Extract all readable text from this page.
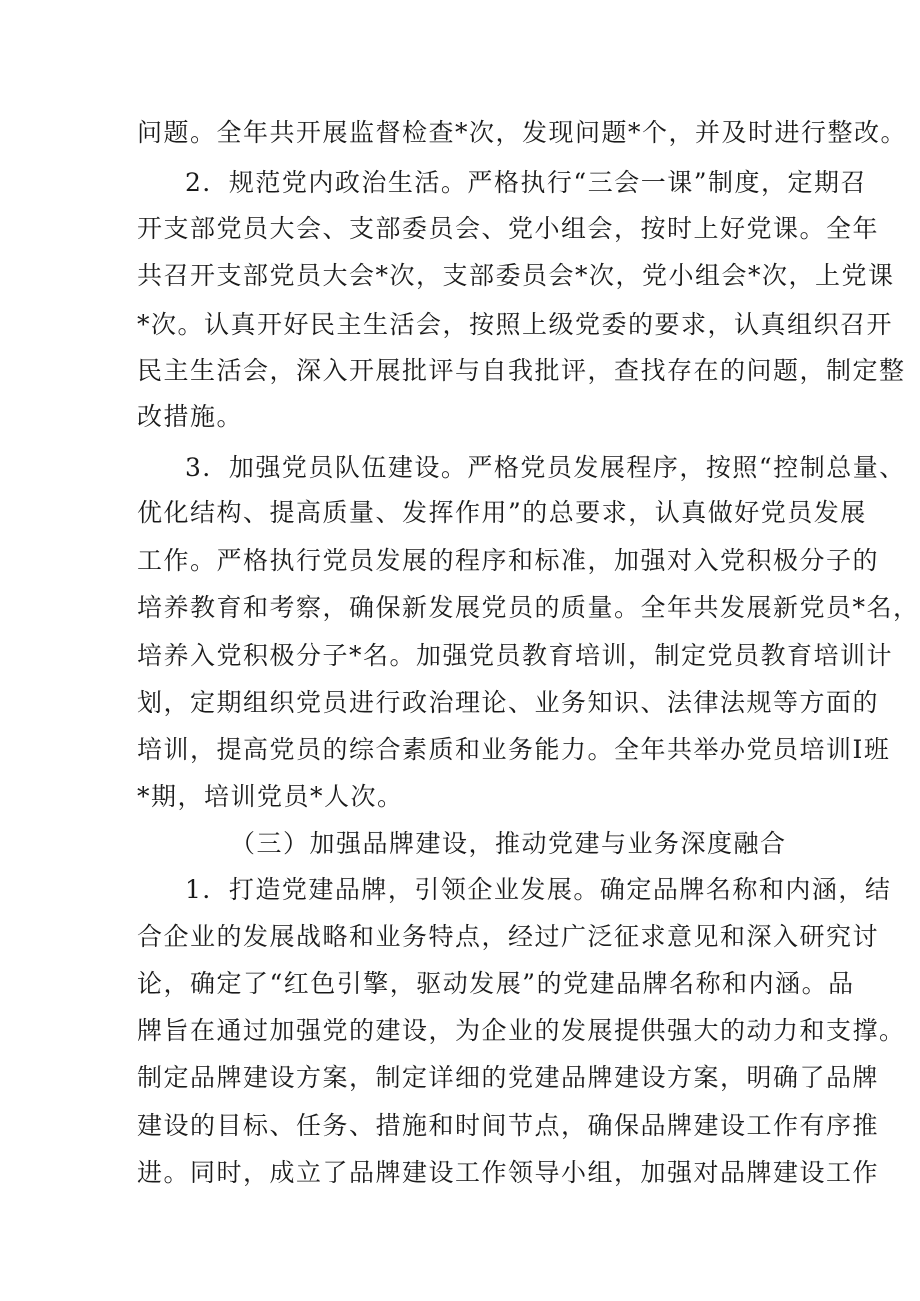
问题。全年共开展监督检查*次，发现问题*个，并及时进行整改。
2．规范党内政治生活。严格执行“三会一课”制度，定期召
开支部党员大会、支部委员会、党小组会，按时上好党课。全年
共召开支部党员大会*次，支部委员会*次，党小组会*次，上党课
*次。认真开好民主生活会，按照上级党委的要求，认真组织召开
民主生活会，深入开展批评与自我批评，查找存在的问题，制定整
改措施。
3．加强党员队伍建设。严格党员发展程序，按照“控制总量、
优化结构、提高质量、发挥作用”的总要求，认真做好党员发展
工作。严格执行党员发展的程序和标准，加强对入党积极分子的
培养教育和考察，确保新发展党员的质量。全年共发展新党员*名，
培养入党积极分子*名。加强党员教育培训，制定党员教育培训计
划，定期组织党员进行政治理论、业务知识、法律法规等方面的
培训，提高党员的综合素质和业务能力。全年共举办党员培训I班
*期，培训党员*人次。
（三）加强品牌建设，推动党建与业务深度融合
1．打造党建品牌，引领企业发展。确定品牌名称和内涵，结
合企业的发展战略和业务特点，经过广泛征求意见和深入研究讨
论，确定了“红色引擎，驱动发展”的党建品牌名称和内涵。品
牌旨在通过加强党的建设，为企业的发展提供强大的动力和支撑。
制定品牌建设方案，制定详细的党建品牌建设方案，明确了品牌
建设的目标、任务、措施和时间节点，确保品牌建设工作有序推
进。同时，成立了品牌建设工作领导小组，加强对品牌建设工作
